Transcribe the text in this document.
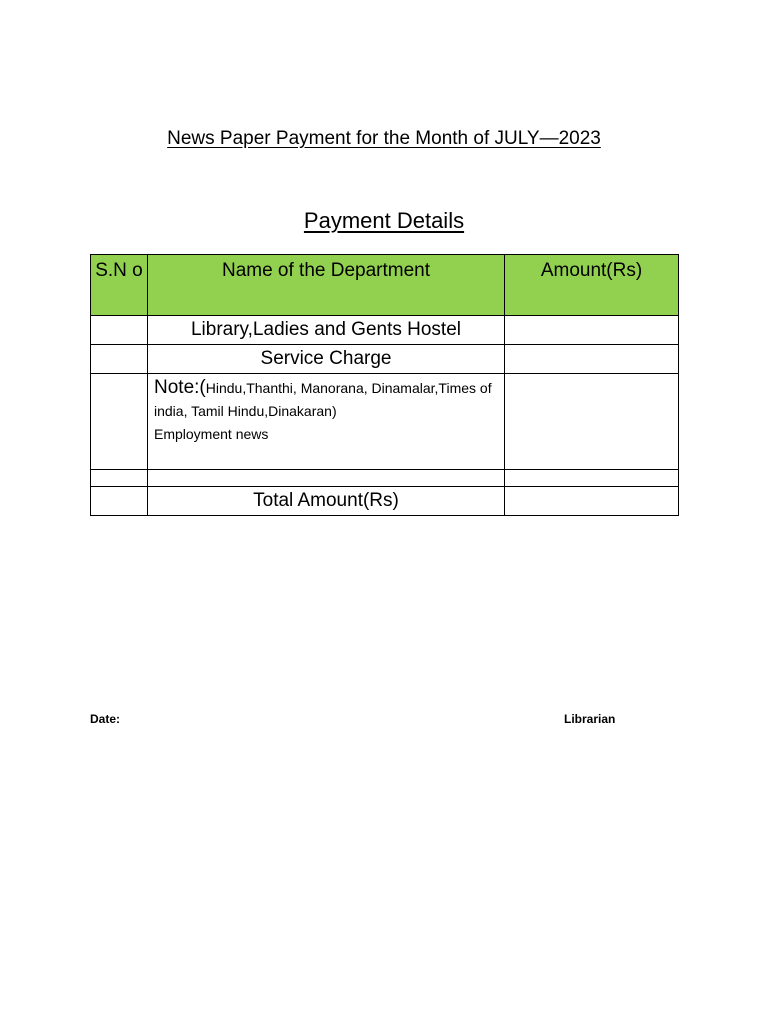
News Paper Payment for the Month of JULY—2023
Payment Details
S.N o	Name of the Department	Amount(Rs)
	Library,Ladies and Gents Hostel	
	Service Charge	
	Note:(Hindu,Thanthi, Manorana, Dinamalar,Times of india, Tamil Hindu,Dinakaran)
Employment news	

	Total Amount(Rs)	
Date:	Librarian
